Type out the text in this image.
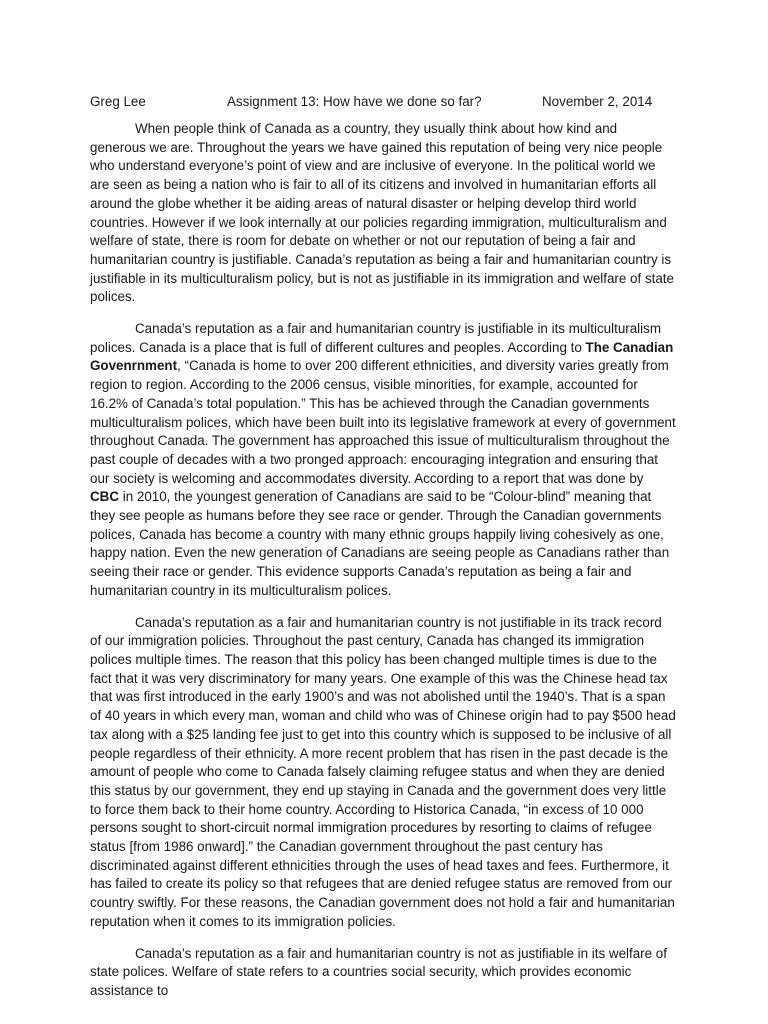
Greg Lee	Assignment 13: How have we done so far?	November 2, 2014

When people think of Canada as a country, they usually think about how kind and generous we are. Throughout the years we have gained this reputation of being very nice people who understand everyone’s point of view and are inclusive of everyone. In the political world we are seen as being a nation who is fair to all of its citizens and involved in humanitarian efforts all around the globe whether it be aiding areas of natural disaster or helping develop third world countries. However if we look internally at our policies regarding immigration, multiculturalism and welfare of state, there is room for debate on whether or not our reputation of being a fair and humanitarian country is justifiable. Canada’s reputation as being a fair and humanitarian country is justifiable in its multiculturalism policy, but is not as justifiable in its immigration and welfare of state polices.

Canada’s reputation as a fair and humanitarian country is justifiable in its multiculturalism polices. Canada is a place that is full of different cultures and peoples. According to The Canadian Govenrnment, “Canada is home to over 200 different ethnicities, and diversity varies greatly from region to region. According to the 2006 census, visible minorities, for example, accounted for 16.2% of Canada’s total population.” This has be achieved through the Canadian governments multiculturalism polices, which have been built into its legislative framework at every of government throughout Canada. The government has approached this issue of multiculturalism throughout the past couple of decades with a two pronged approach: encouraging integration and ensuring that our society is welcoming and accommodates diversity. According to a report that was done by CBC in 2010, the youngest generation of Canadians are said to be “Colour-blind” meaning that they see people as humans before they see race or gender. Through the Canadian governments polices, Canada has become a country with many ethnic groups happily living cohesively as one, happy nation. Even the new generation of Canadians are seeing people as Canadians rather than seeing their race or gender. This evidence supports Canada’s reputation as being a fair and humanitarian country in its multiculturalism polices.

Canada’s reputation as a fair and humanitarian country is not justifiable in its track record of our immigration policies. Throughout the past century, Canada has changed its immigration polices multiple times. The reason that this policy has been changed multiple times is due to the fact that it was very discriminatory for many years. One example of this was the Chinese head tax that was first introduced in the early 1900’s and was not abolished until the 1940’s. That is a span of 40 years in which every man, woman and child who was of Chinese origin had to pay $500 head tax along with a $25 landing fee just to get into this country which is supposed to be inclusive of all people regardless of their ethnicity. A more recent problem that has risen in the past decade is the amount of people who come to Canada falsely claiming refugee status and when they are denied this status by our government, they end up staying in Canada and the government does very little to force them back to their home country. According to Historica Canada, “in excess of 10 000 persons sought to short-circuit normal immigration procedures by resorting to claims of refugee status [from 1986 onward].” the Canadian government throughout the past century has discriminated against different ethnicities through the uses of head taxes and fees. Furthermore, it has failed to create its policy so that refugees that are denied refugee status are removed from our country swiftly. For these reasons, the Canadian government does not hold a fair and humanitarian reputation when it comes to its immigration policies.

Canada’s reputation as a fair and humanitarian country is not as justifiable in its welfare of state polices. Welfare of state refers to a countries social security, which provides economic assistance to
